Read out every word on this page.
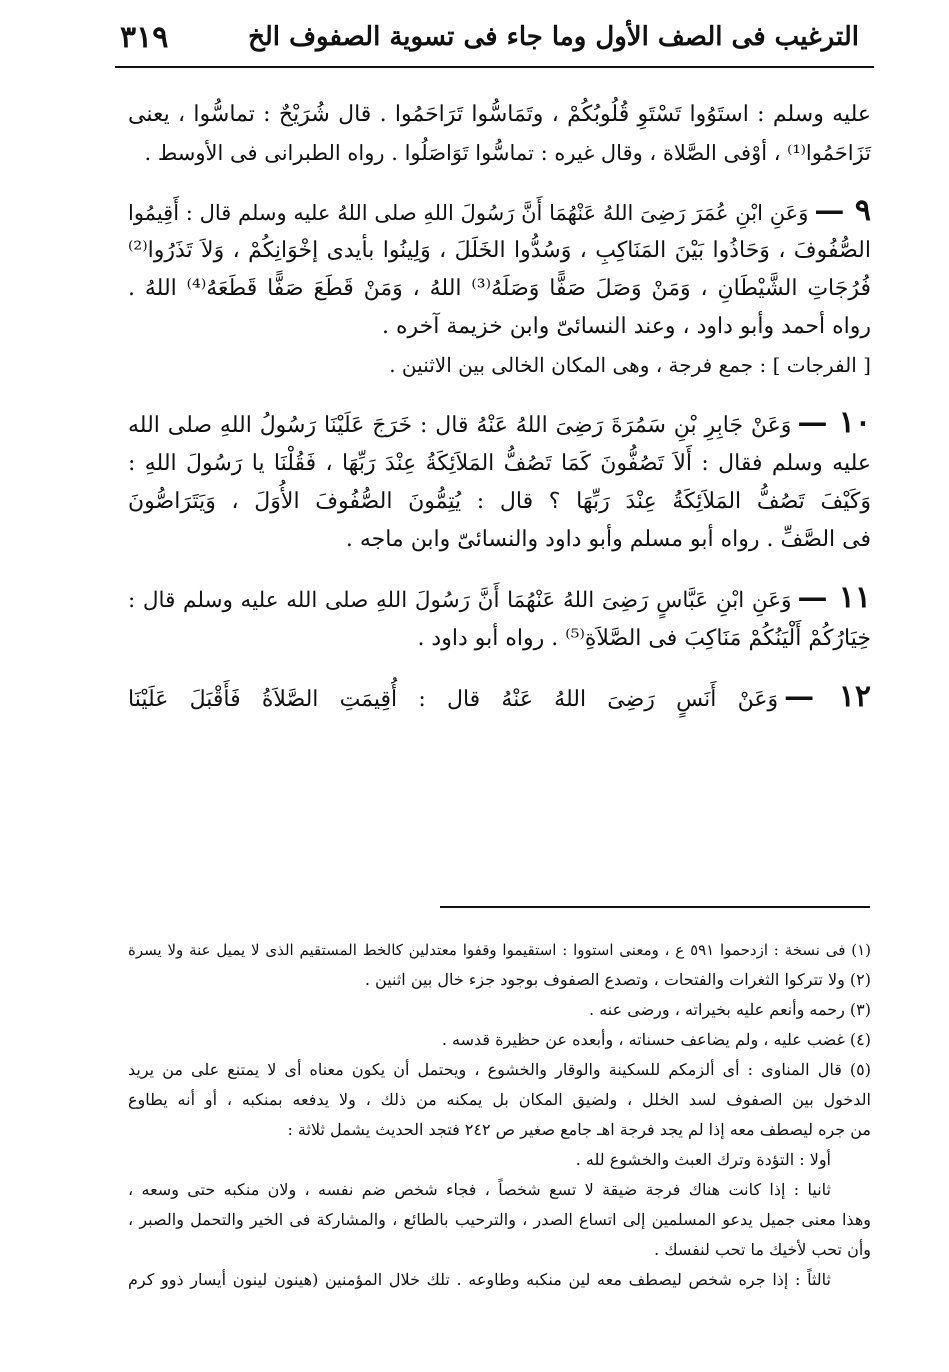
الترغيب فى الصف الأول وما جاء فى تسوية الصفوف الخ
٣١٩
عليه وسلم : استَوُوا تَسْتَوِ قُلُوبُكُمْ ، وتَمَاسُّوا تَرَاحَمُوا . قال شُرَيْحٌ : تماسُّوا ، يعنى
تَزَاحَمُوا⁽¹⁾ ، أوْفى الصَّلاة ، وقال غيره : تماسُّوا تَوَاصَلُوا . رواه الطبرانى فى الأوسط .
٩ —وَعَنِ ابْنِ عُمَرَ رَضِىَ اللهُ عَنْهُمَا أَنَّ رَسُولَ اللهِ صلى اللهُ عليه وسلم قال : أَقِيمُوا
الصُّفُوفَ ، وَحَاذُوا بَيْنَ المَنَاكِبِ ، وَسُدُّوا الخَلَلَ ، وَلِينُوا بأيدى إخْوَانِكُمْ ، وَلاَ تَذَرُوا⁽²⁾
فُرُجَاتِ الشَّيْطَانِ ، وَمَنْ وَصَلَ صَفًّا وَصَلَهُ⁽³⁾ اللهُ ، وَمَنْ قَطَعَ صَفًّا قَطَعَهُ⁽⁴⁾ اللهُ .
رواه أحمد وأبو داود ، وعند النسائىّ وابن خزيمة آخره .
[ الفرجات ] : جمع فرجة ، وهى المكان الخالى بين الاثنين .
١٠ —وَعَنْ جَابِرِ بْنِ سَمُرَةَ رَضِىَ اللهُ عَنْهُ قال : خَرَجَ عَلَيْنَا رَسُولُ اللهِ صلى الله
عليه وسلم فقال : أَلاَ تَصُفُّونَ كَمَا تَصُفُّ المَلاَئِكَةُ عِنْدَ رَبِّهَا ، فَقُلْنَا يا رَسُولَ اللهِ :
وَكَيْفَ تَصُفُّ المَلاَئِكَةُ عِنْدَ رَبِّهَا ؟ قال : يُتِمُّونَ الصُّفُوفَ الأُوَلَ ، وَيَتَرَاصُّونَ
فى الصَّفِّ . رواه أبو مسلم وأبو داود والنسائىّ وابن ماجه .
١١ —وَعَنِ ابْنِ عَبَّاسٍ رَضِىَ اللهُ عَنْهُمَا أَنَّ رَسُولَ اللهِ صلى الله عليه وسلم قال :
خِيَارُكُمْ أَلْيَنُكُمْ مَنَاكِبَ فى الصَّلاَةِ⁽⁵⁾ . رواه أبو داود .
١٢ —وَعَنْ أَنَسٍ رَضِىَ اللهُ عَنْهُ قال : أُقِيمَتِ الصَّلاَةُ فَأَقْبَلَ عَلَيْنَا
(١) فى نسخة : ازدحموا ٥٩١ ع ، ومعنى استووا : استقيموا وقفوا معتدلين كالخط المستقيم الذى لا يميل عنة ولا يسرة
(٢) ولا تتركوا الثغرات والفتحات ، وتصدع الصفوف بوجود جزء خال بين اثنين .
(٣) رحمه وأنعم عليه بخيراته ، ورضى عنه .
(٤) غضب عليه ، ولم يضاعف حسناته ، وأبعده عن حظيرة قدسه .
(٥) قال المناوى : أى ألزمكم للسكينة والوقار والخشوع ، ويحتمل أن يكون معناه أى لا يمتنع على من يريد
الدخول بين الصفوف لسد الخلل ، ولضيق المكان بل يمكنه من ذلك ، ولا يدفعه بمنكبه ، أو أنه يطاوع
من جره ليصطف معه إذا لم يجد فرجة اهـ جامع صغير ص ٢٤٢ فتجد الحديث يشمل ثلاثة :
أولا : التؤدة وترك العبث والخشوع لله .
ثانيا : إذا كانت هناك فرجة ضيقة لا تسع شخصاً ، فجاء شخص ضم نفسه ، ولان منكبه حتى وسعه ،
وهذا معنى جميل يدعو المسلمين إلى اتساع الصدر ، والترحيب بالطائع ، والمشاركة فى الخير والتحمل والصبر ،
وأن تحب لأخيك ما تحب لنفسك .
ثالثاً : إذا جره شخص ليصطف معه لين منكبه وطاوعه . تلك خلال المؤمنين (هينون لينون أيسار ذوو كرم
